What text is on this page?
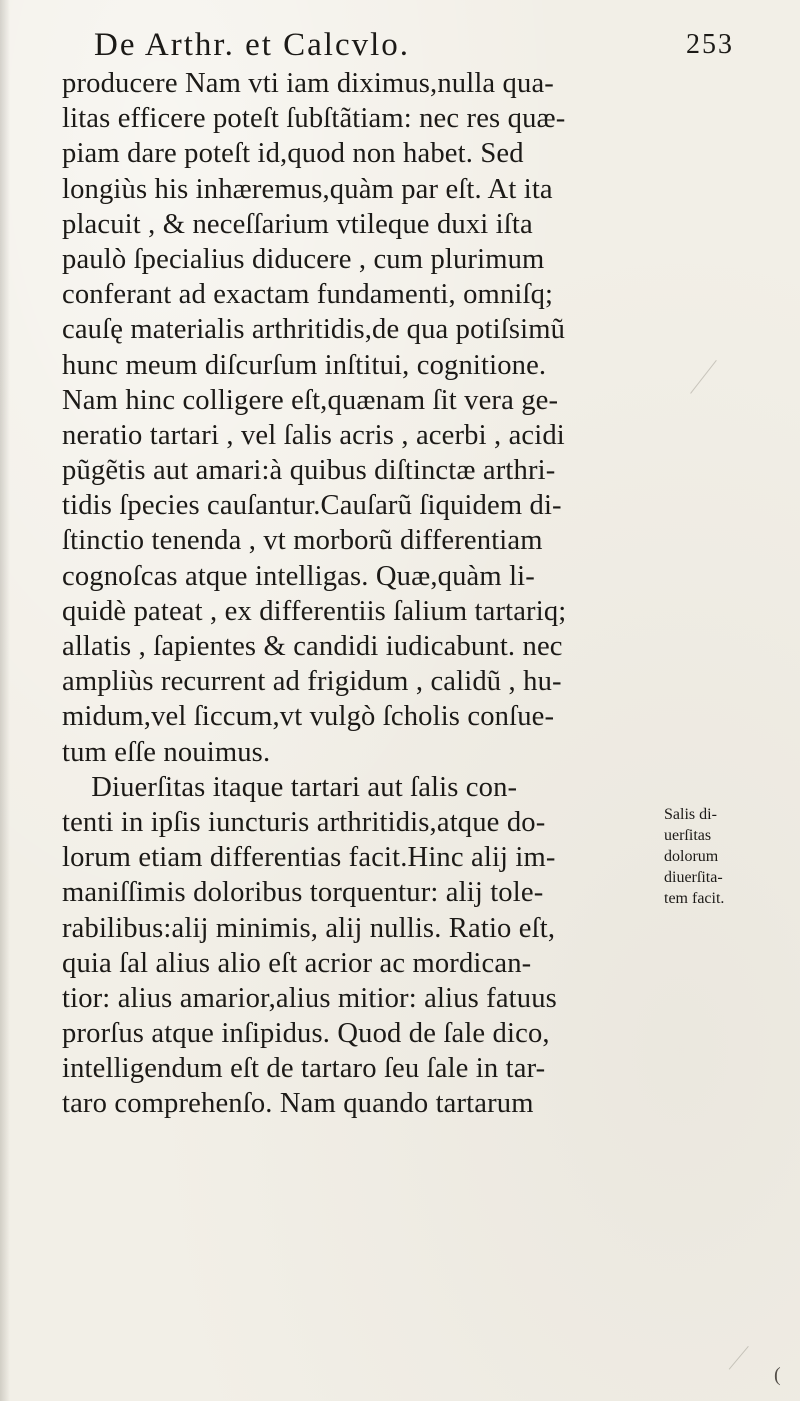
De Arthr. et Calcvlo.	253
producere Nam vti iam diximus,nulla qua-
litas efficere poteſt ſubſtãtiam: nec res quæ-
piam dare poteſt id,quod non habet. Sed
longiùs his inhæremus,quàm par eſt. At ita
placuit , & neceſſarium vtileque duxi iſta
paulò ſpecialius diducere , cum plurimum
conferant ad exactam fundamenti, omniſq;
cauſę materialis arthritidis,de qua potiſsimũ
hunc meum diſcurſum inſtitui, cognitione.
Nam hinc colligere eſt,quænam ſit vera ge-
neratio tartari , vel ſalis acris , acerbi , acidi
pũgẽtis aut amari:à quibus diſtinctæ arthri-
tidis ſpecies cauſantur.Cauſarũ ſiquidem di-
ſtinctio tenenda , vt morborũ differentiam
cognoſcas atque intelligas. Quæ,quàm li-
quidè pateat , ex differentiis ſalium tartariq;
allatis , ſapientes & candidi iudicabunt. nec
ampliùs recurrent ad frigidum , calidũ , hu-
midum,vel ſiccum,vt vulgò ſcholis conſue-
tum eſſe nouimus.
Diuerſitas itaque tartari aut ſalis con-
tenti in ipſis iuncturis arthritidis,atque do-
lorum etiam differentias facit.Hinc alij im-
maniſſimis doloribus torquentur: alij tole-
rabilibus:alij minimis, alij nullis. Ratio eſt,
quia ſal alius alio eſt acrior ac mordican-
tior: alius amarior,alius mitior: alius fatuus
prorſus atque inſipidus. Quod de ſale dico,
intelligendum eſt de tartaro ſeu ſale in tar-
taro comprehenſo. Nam quando tartarum
Salis di-
uerſitas
dolorum
diuerſita-
tem facit.
(
